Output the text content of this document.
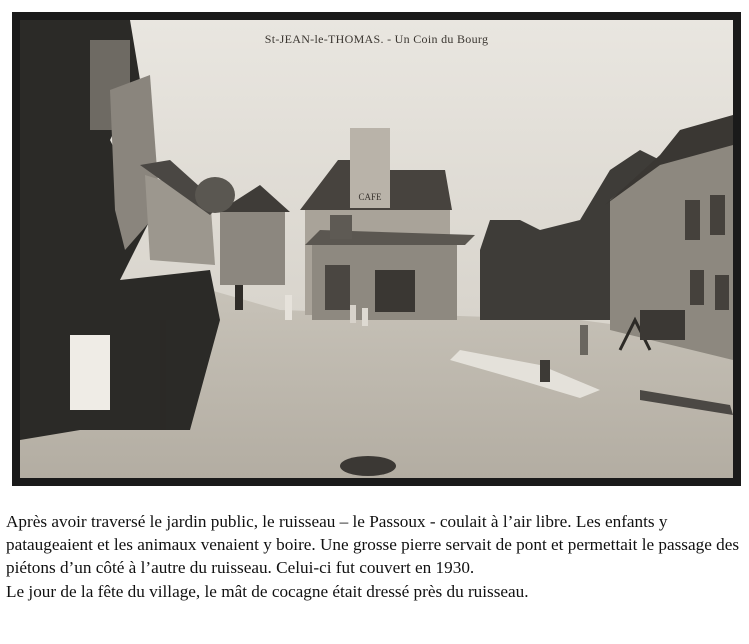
CAFE
St-JEAN-le-THOMAS. - Un Coin du Bourg

Après avoir traversé le jardin public, le ruisseau – le Passoux - coulait à l’air libre. Les enfants y pataugeaient et les animaux venaient y boire. Une grosse pierre servait de pont et permettait le passage des piétons d’un côté à l’autre du ruisseau. Celui-ci fut couvert en 1930.

Le jour de la fête du village, le mât de cocagne était dressé près du ruisseau.
